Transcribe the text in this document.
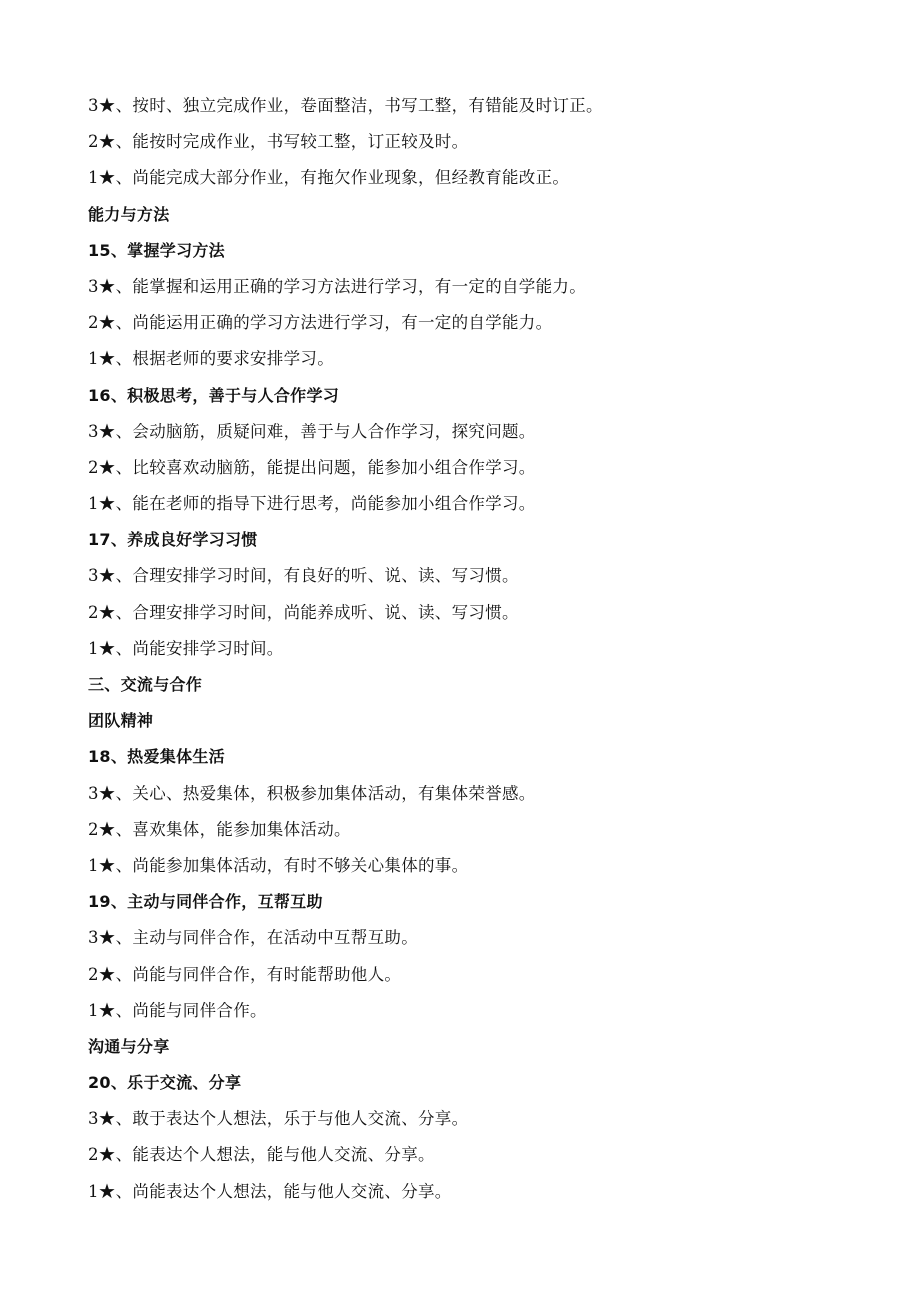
3★、按时、独立完成作业，卷面整洁，书写工整，有错能及时订正。
2★、能按时完成作业，书写较工整，订正较及时。
1★、尚能完成大部分作业，有拖欠作业现象，但经教育能改正。
能力与方法
15、掌握学习方法
3★、能掌握和运用正确的学习方法进行学习，有一定的自学能力。
2★、尚能运用正确的学习方法进行学习，有一定的自学能力。
1★、根据老师的要求安排学习。
16、积极思考，善于与人合作学习
3★、会动脑筋，质疑问难，善于与人合作学习，探究问题。
2★、比较喜欢动脑筋，能提出问题，能参加小组合作学习。
1★、能在老师的指导下进行思考，尚能参加小组合作学习。
17、养成良好学习习惯
3★、合理安排学习时间，有良好的听、说、读、写习惯。
2★、合理安排学习时间，尚能养成听、说、读、写习惯。
1★、尚能安排学习时间。
三、交流与合作
团队精神
18、热爱集体生活
3★、关心、热爱集体，积极参加集体活动，有集体荣誉感。
2★、喜欢集体，能参加集体活动。
1★、尚能参加集体活动，有时不够关心集体的事。
19、主动与同伴合作，互帮互助
3★、主动与同伴合作，在活动中互帮互助。
2★、尚能与同伴合作，有时能帮助他人。
1★、尚能与同伴合作。
沟通与分享
20、乐于交流、分享
3★、敢于表达个人想法，乐于与他人交流、分享。
2★、能表达个人想法，能与他人交流、分享。
1★、尚能表达个人想法，能与他人交流、分享。
